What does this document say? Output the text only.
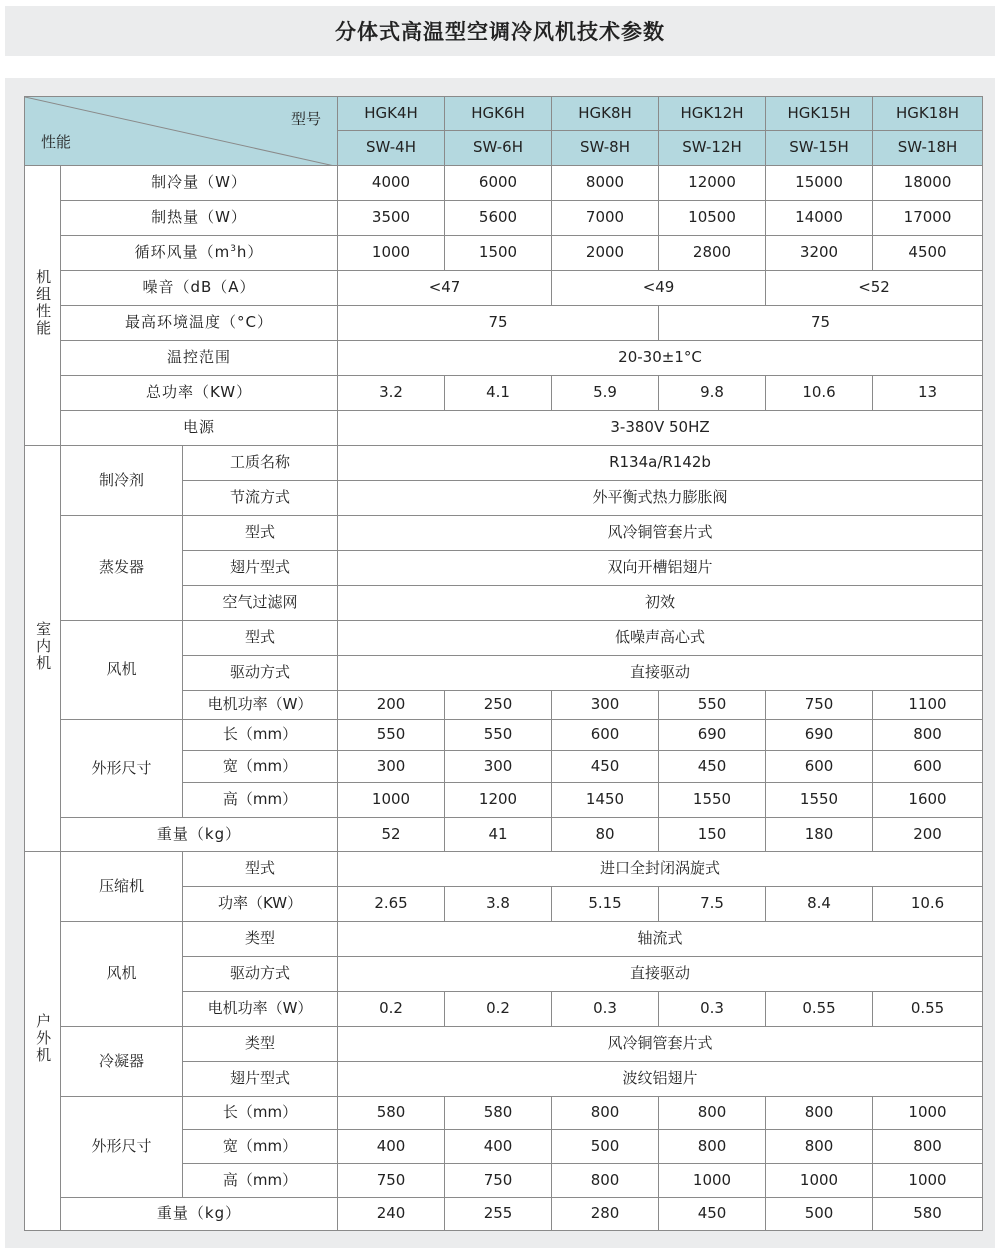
分体式高温型空调冷风机技术参数
型号
性能			HGK4H	HGK6H	HGK8H	HGK12H	HGK15H	HGK18H
			SW-4H	SW-6H	SW-8H	SW-12H	SW-15H	SW-18H
机组性能	制冷量（W）		4000	6000	8000	12000	15000	18000
	制热量（W）		3500	5600	7000	10500	14000	17000
	循环风量$(m^3h)$		1000	1500	2000	2800	3200	4500
	噪音（dB（A）		<47		<49		<52	
	最高环境温度（°C）		75			75		
	温控范围		20-30±1°C					
	总功率（KW）		3.2	4.1	5.9	9.8	10.6	13
	电源		3-380V 50HZ					
室内机	制冷剂	工质名称	R134a/R142b					
		节流方式	外平衡式热力膨胀阀					
	蒸发器	型式	风冷铜管套片式					
		翅片型式	双向开槽铝翅片					
		空气过滤网	初效					
	风机	型式	低噪声高心式					
		驱动方式	直接驱动					
		电机功率（W）	200	250	300	550	750	1100
	外形尺寸	长（mm）	550	550	600	690	690	800
		宽（mm）	300	300	450	450	600	600
		高（mm）	1000	1200	1450	1550	1550	1600
	重量（kg）		52	41	80	150	180	200
户外机	压缩机	型式	进口全封闭涡旋式					
		功率（KW）	2.65	3.8	5.15	7.5	8.4	10.6
	风机	类型	轴流式					
		驱动方式	直接驱动					
		电机功率（W）	0.2	0.2	0.3	0.3	0.55	0.55
	冷凝器	类型	风冷铜管套片式					
		翅片型式	波纹铝翅片					
	外形尺寸	长（mm）	580	580	800	800	800	1000
		宽（mm）	400	400	500	800	800	800
		高（mm）	750	750	800	1000	1000	1000
	重量（kg）		240	255	280	450	500	580
